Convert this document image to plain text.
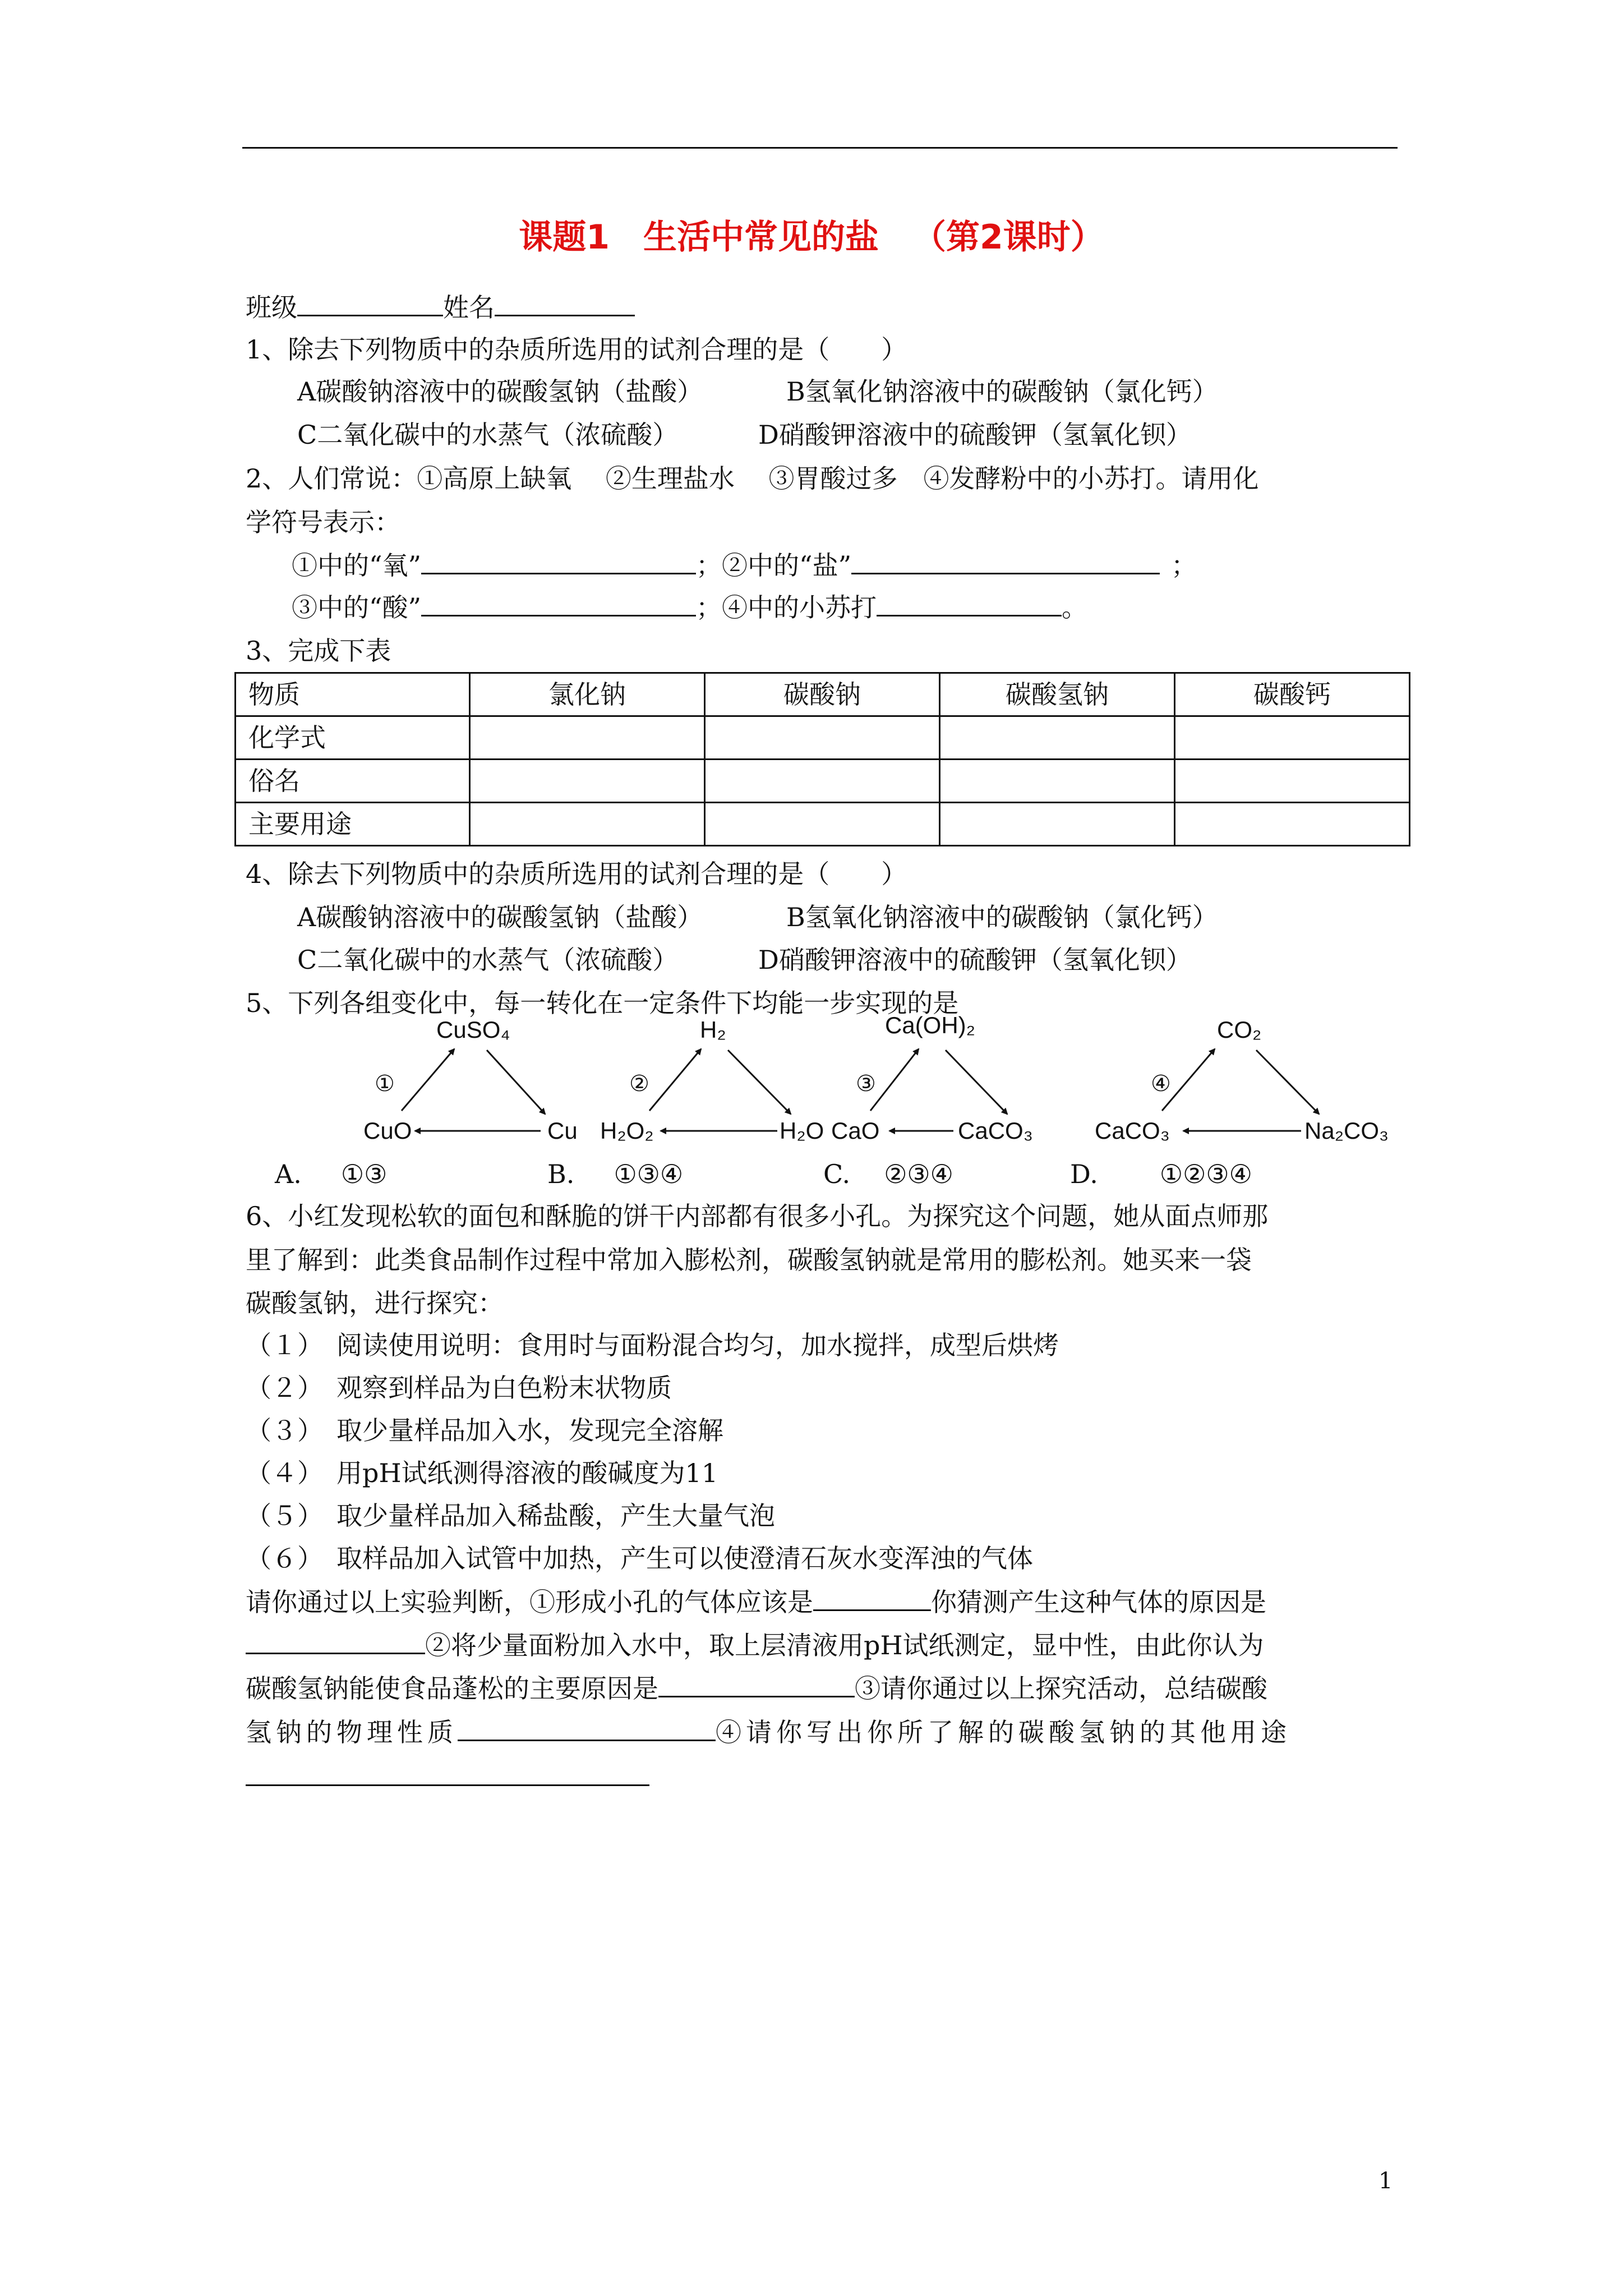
课题1 生活中常见的盐 （第2课时）
班级	姓名
1、除去下列物质中的杂质所选用的试剂合理的是（　　）
A碳酸钠溶液中的碳酸氢钠（盐酸）	B氢氧化钠溶液中的碳酸钠（氯化钙）
C二氧化碳中的水蒸气（浓硫酸）	D硝酸钾溶液中的硫酸钾（氢氧化钡）
2、人们常说：①高原上缺氧　 ②生理盐水　 ③胃酸过多　④发酵粉中的小苏打。请用化
学符号表示：
①中的“氧”	；②中的“盐”	；
③中的“酸”	；④中的小苏打	。
3、完成下表
物质	氯化钠	碳酸钠	碳酸氢钠	碳酸钙
化学式				
俗名				
主要用途				
4、除去下列物质中的杂质所选用的试剂合理的是（　　）
A碳酸钠溶液中的碳酸氢钠（盐酸）	B氢氧化钠溶液中的碳酸钠（氯化钙）
C二氧化碳中的水蒸气（浓硫酸）	D硝酸钾溶液中的硫酸钾（氢氧化钡）
5、下列各组变化中，每一转化在一定条件下均能一步实现的是
①
CuSO₄
CuO	Cu
②
H₂
H₂O₂	H₂O
③
Ca(OH)₂
CaO	CaCO₃
④
CO₂
CaCO₃	Na₂CO₃
A. ①③	B. ①③④	C. ②③④	D. ①②③④
6、小红发现松软的面包和酥脆的饼干内部都有很多小孔。为探究这个问题，她从面点师那
里了解到：此类食品制作过程中常加入膨松剂，碳酸氢钠就是常用的膨松剂。她买来一袋
碳酸氢钠，进行探究：
（１） 阅读使用说明：食用时与面粉混合均匀，加水搅拌，成型后烘烤
（２） 观察到样品为白色粉末状物质
（３） 取少量样品加入水，发现完全溶解
（４） 用pH试纸测得溶液的酸碱度为11
（５） 取少量样品加入稀盐酸，产生大量气泡
（６） 取样品加入试管中加热，产生可以使澄清石灰水变浑浊的气体
请你通过以上实验判断，①形成小孔的气体应该是	你猜测产生这种气体的原因是
②将少量面粉加入水中，取上层清液用pH试纸测定，显中性，由此你认为
碳酸氢钠能使食品蓬松的主要原因是	③请你通过以上探究活动，总结碳酸
氢钠的物理性质	④请你写出你所了解的碳酸氢钠的其他用途
1
